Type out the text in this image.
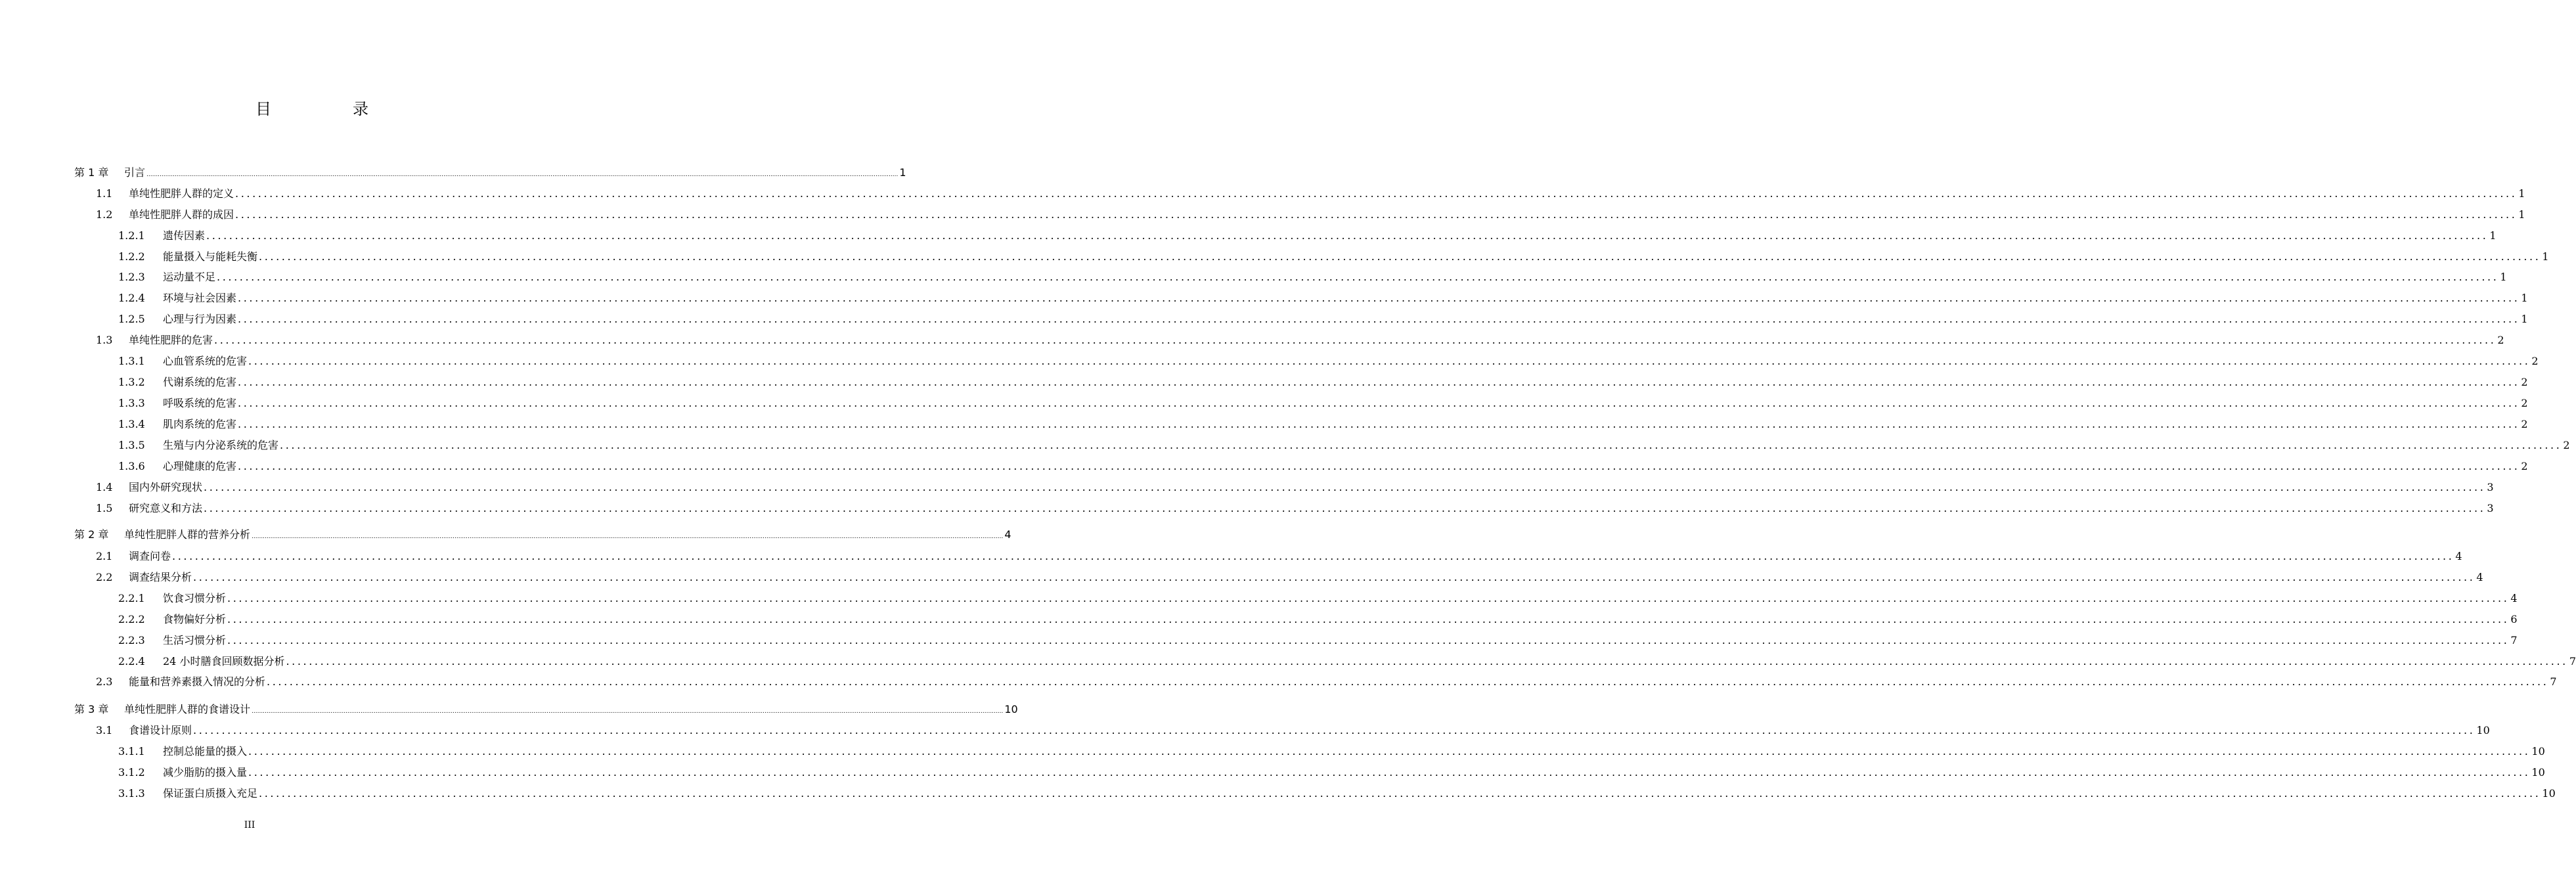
目　录
第 1 章	引言 ................................................................................................................................................................................................................................................................................................................................................................................................................ 1
1.1	单纯性肥胖人群的定义 ................................................................................................................................................................................................................................................................................................................................................................................................................ 1
1.2	单纯性肥胖人群的成因 ................................................................................................................................................................................................................................................................................................................................................................................................................ 1
1.2.1	遗传因素 ................................................................................................................................................................................................................................................................................................................................................................................................................ 1
1.2.2	能量摄入与能耗失衡 ................................................................................................................................................................................................................................................................................................................................................................................................................ 1
1.2.3	运动量不足 ................................................................................................................................................................................................................................................................................................................................................................................................................ 1
1.2.4	环境与社会因素 ................................................................................................................................................................................................................................................................................................................................................................................................................ 1
1.2.5	心理与行为因素 ................................................................................................................................................................................................................................................................................................................................................................................................................ 1
1.3	单纯性肥胖的危害 ................................................................................................................................................................................................................................................................................................................................................................................................................ 2
1.3.1	心血管系统的危害 ................................................................................................................................................................................................................................................................................................................................................................................................................ 2
1.3.2	代谢系统的危害 ................................................................................................................................................................................................................................................................................................................................................................................................................ 2
1.3.3	呼吸系统的危害 ................................................................................................................................................................................................................................................................................................................................................................................................................ 2
1.3.4	肌肉系统的危害 ................................................................................................................................................................................................................................................................................................................................................................................................................ 2
1.3.5	生殖与内分泌系统的危害 ................................................................................................................................................................................................................................................................................................................................................................................................................ 2
1.3.6	心理健康的危害 ................................................................................................................................................................................................................................................................................................................................................................................................................ 2
1.4	国内外研究现状 ................................................................................................................................................................................................................................................................................................................................................................................................................ 3
1.5	研究意义和方法 ................................................................................................................................................................................................................................................................................................................................................................................................................ 3
第 2 章	单纯性肥胖人群的营养分析 ................................................................................................................................................................................................................................................................................................................................................................................................................ 4
2.1	调查问卷 ................................................................................................................................................................................................................................................................................................................................................................................................................ 4
2.2	调查结果分析 ................................................................................................................................................................................................................................................................................................................................................................................................................ 4
2.2.1	饮食习惯分析 ................................................................................................................................................................................................................................................................................................................................................................................................................ 4
2.2.2	食物偏好分析 ................................................................................................................................................................................................................................................................................................................................................................................................................ 6
2.2.3	生活习惯分析 ................................................................................................................................................................................................................................................................................................................................................................................................................ 7
2.2.4	24 小时膳食回顾数据分析 ................................................................................................................................................................................................................................................................................................................................................................................................................ 7
2.3	能量和营养素摄入情况的分析 ................................................................................................................................................................................................................................................................................................................................................................................................................ 7
第 3 章	单纯性肥胖人群的食谱设计 ................................................................................................................................................................................................................................................................................................................................................................................................................ 10
3.1	食谱设计原则 ................................................................................................................................................................................................................................................................................................................................................................................................................ 10
3.1.1	控制总能量的摄入 ................................................................................................................................................................................................................................................................................................................................................................................................................ 10
3.1.2	减少脂肪的摄入量 ................................................................................................................................................................................................................................................................................................................................................................................................................ 10
3.1.3	保证蛋白质摄入充足 ................................................................................................................................................................................................................................................................................................................................................................................................................ 10
III
